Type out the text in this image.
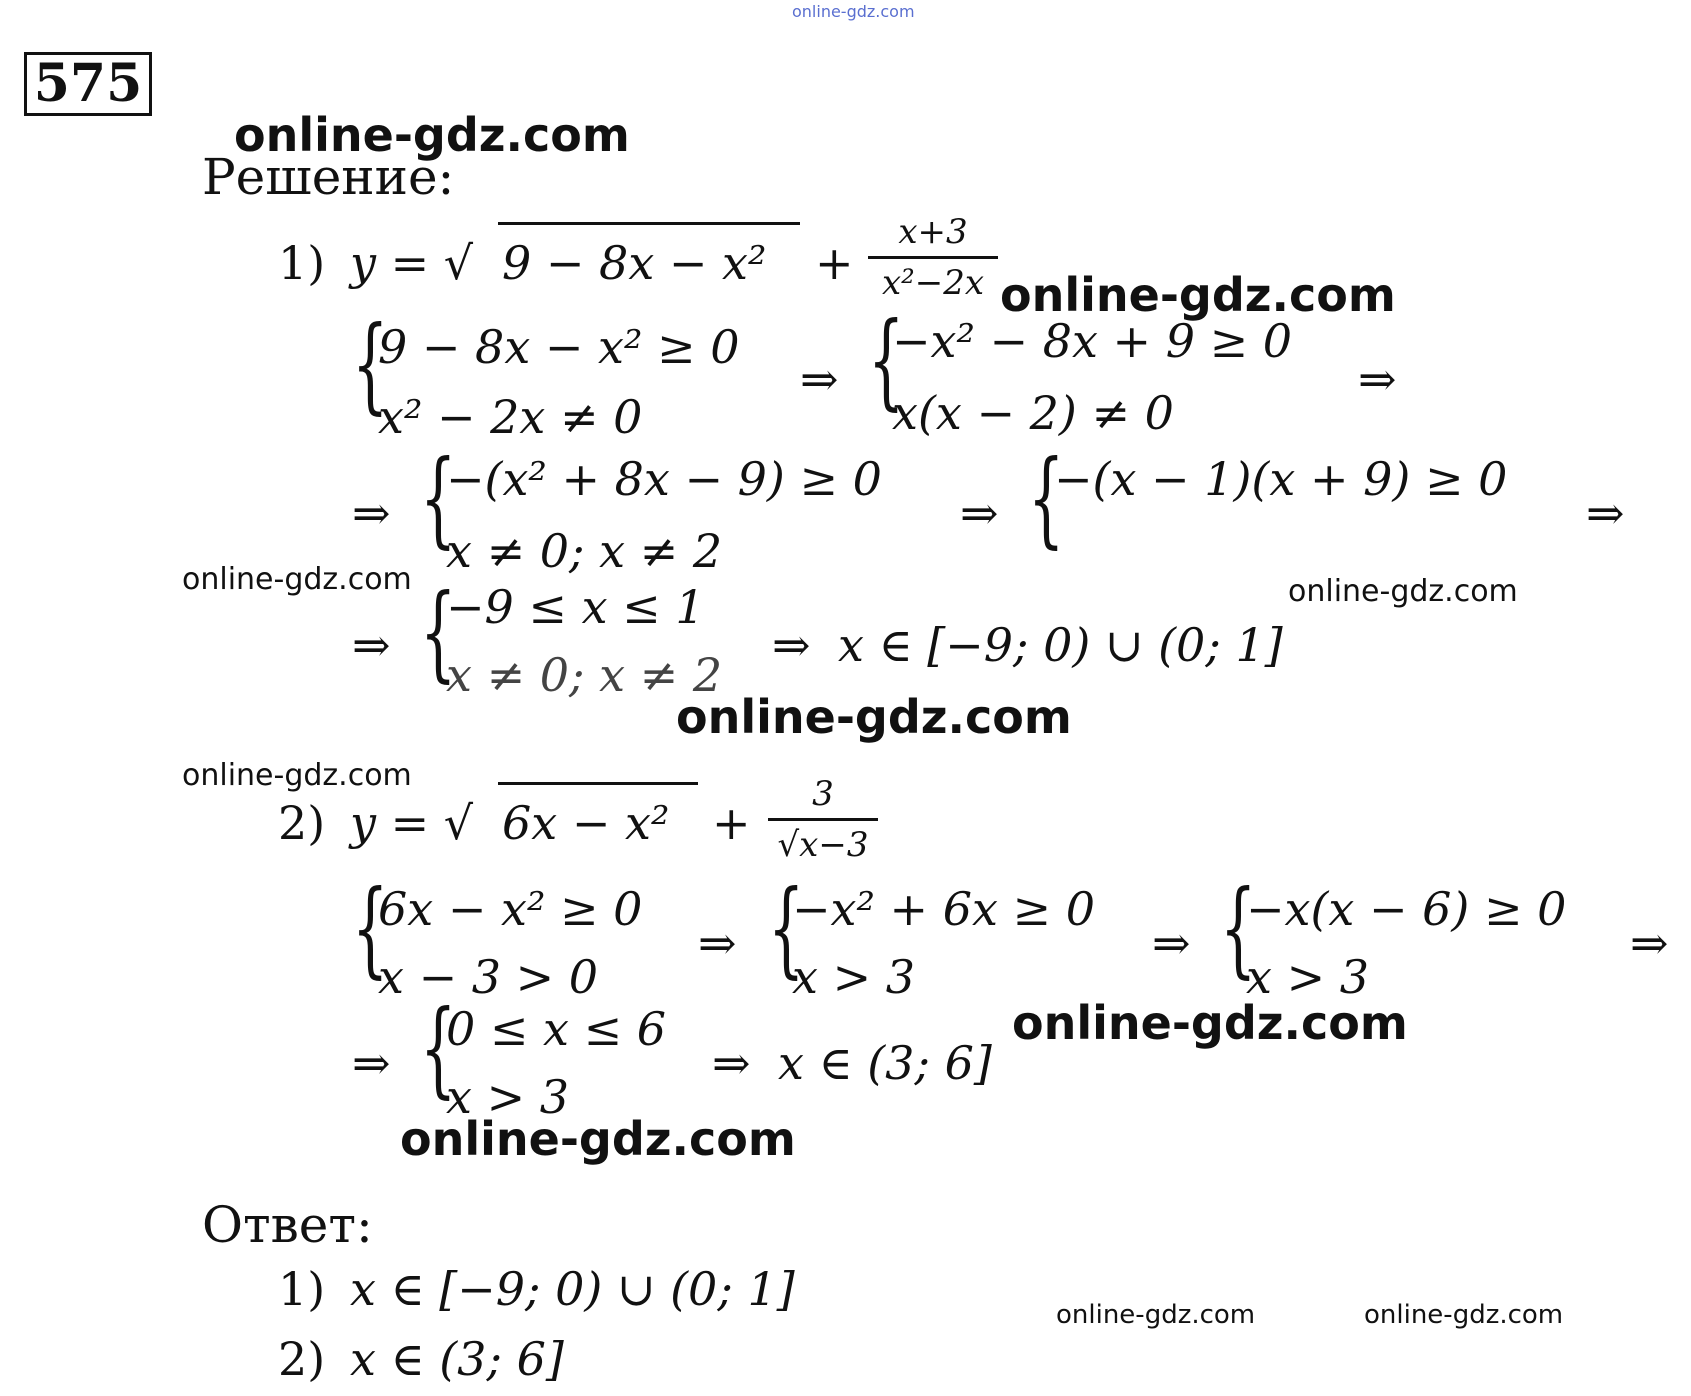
online-gdz.com
575
online-gdz.com
Решение:
1) y = √ 9 − 8x − x² +
x+3
x²−2x online-gdz.com
{
9 − 8x − x² ≥ 0
x² − 2x ≠ 0
⇒ {
−x² − 8x + 9 ≥ 0
x(x − 2) ≠ 0
⇒
⇒ {
−(x² + 8x − 9) ≥ 0
x ≠ 0; x ≠ 2
⇒ {
−(x − 1)(x + 9) ≥ 0
⇒
online-gdz.com	online-gdz.com
⇒ {
−9 ≤ x ≤ 1
x ≠ 0; x ≠ 2
⇒ x ∈ [−9; 0) ∪ (0; 1]
online-gdz.com
online-gdz.com
2) y = √ 6x − x² +
3
√x−3
{
6x − x² ≥ 0
x − 3 > 0
⇒ {
−x² + 6x ≥ 0
x > 3
⇒ {
−x(x − 6) ≥ 0
x > 3
⇒
⇒ {
0 ≤ x ≤ 6
x > 3
⇒ x ∈ (3; 6]
online-gdz.com
online-gdz.com
Ответ:
1) x ∈ [−9; 0) ∪ (0; 1]
2) x ∈ (3; 6]
online-gdz.com	online-gdz.com
